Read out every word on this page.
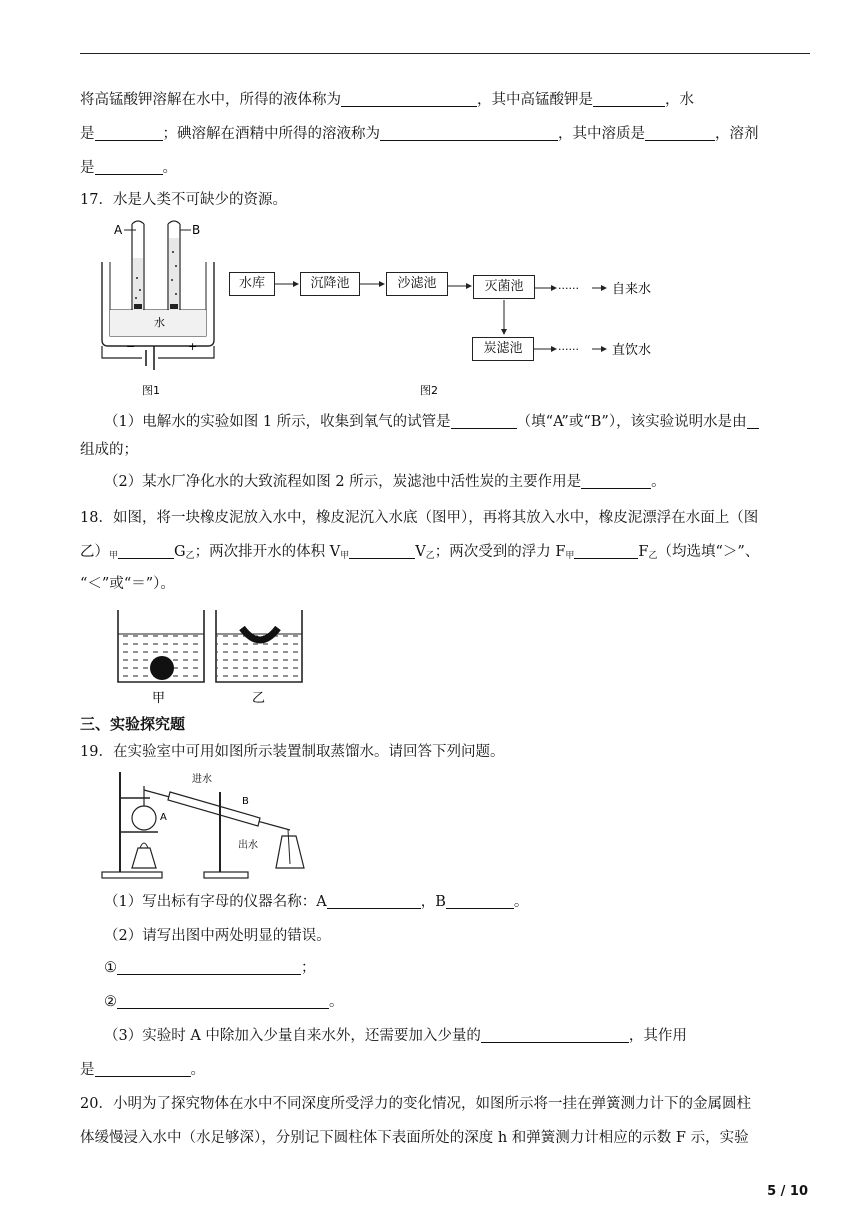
将高锰酸钾溶解在水中，所得的液体称为	，其中高锰酸钾是	，水
是	；碘溶解在酒精中所得的溶液称为	，其中溶质是	，溶剂
是	。
17．水是人类不可缺少的资源。
A	B
水
−	+
图1
水库	沉降池	沙滤池	灭菌池
炭滤池
······	自来水
······	直饮水
图2
（1）电解水的实验如图 1 所示，收集到氧气的试管是	（填“A”或“B”），该实验说明水是由
组成的；
（2）某水厂净化水的大致流程如图 2 所示，炭滤池中活性炭的主要作用是	。
18．如图，将一块橡皮泥放入水中，橡皮泥沉入水底（图甲），再将其放入水中，橡皮泥漂浮在水面上（图
乙）$_甲$	$G_乙$；两次排开水的体积 $V_甲$	$V_乙$；两次受到的浮力 $F_甲$	$F_乙$（均选填“＞”、
“＜”或“＝”）。
甲	乙
三、实验探究题
19．在实验室中可用如图所示装置制取蒸馏水。请回答下列问题。
A
进水
B
出水
（1）写出标有字母的仪器名称：A	，B	。
（2）请写出图中两处明显的错误。
①	；
②	。
（3）实验时 A 中除加入少量自来水外，还需要加入少量的	，其作用
是	。
20．小明为了探究物体在水中不同深度所受浮力的变化情况，如图所示将一挂在弹簧测力计下的金属圆柱
体缓慢浸入水中（水足够深），分别记下圆柱体下表面所处的深度 h 和弹簧测力计相应的示数 F 示，实验
5 / 10
